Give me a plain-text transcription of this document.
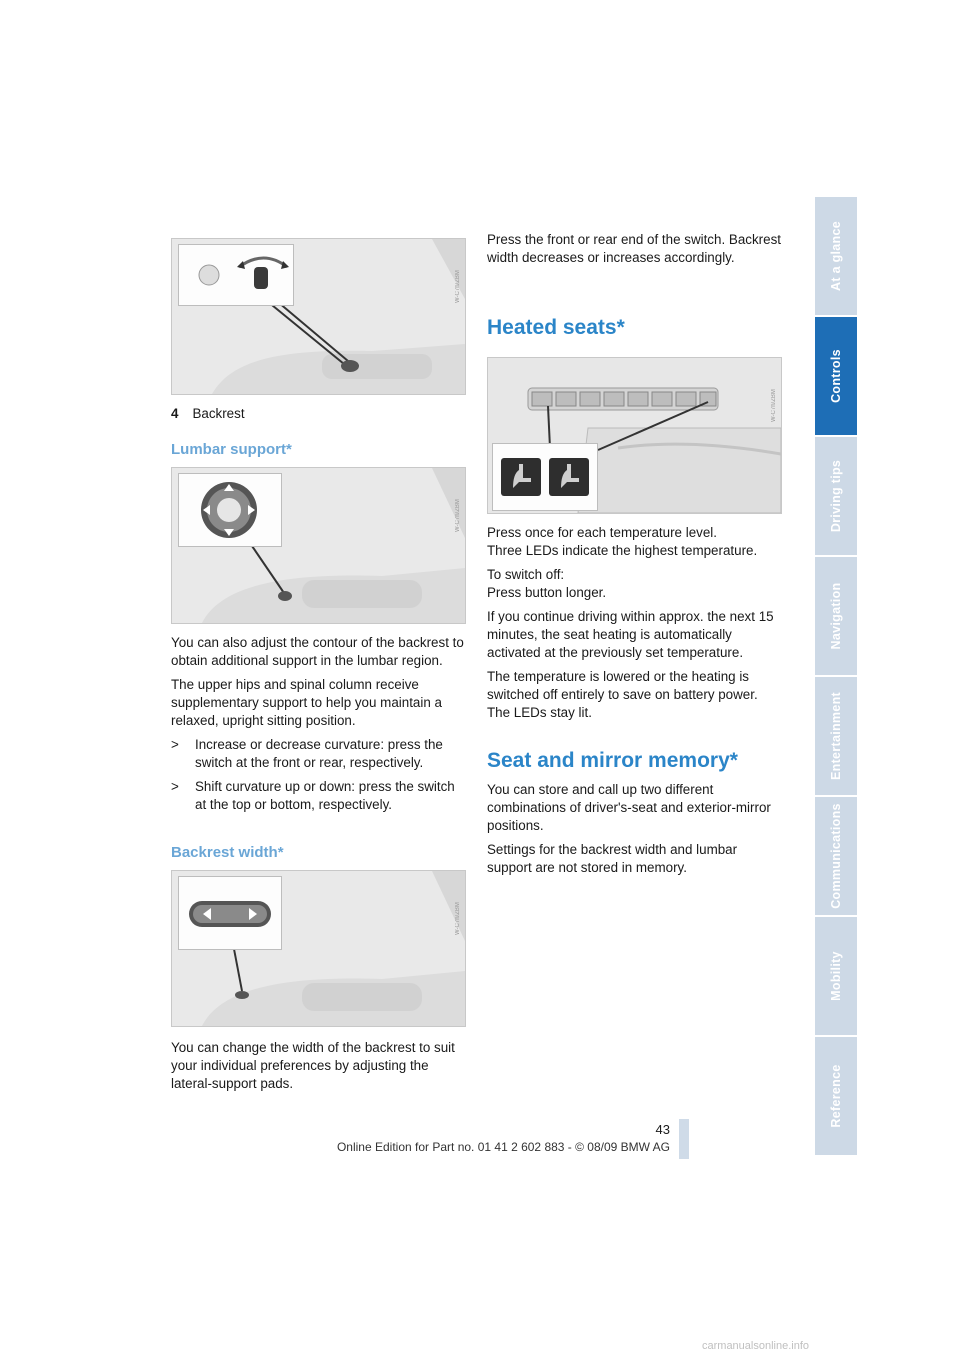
W-C7h/ZBM
4 Backrest
Lumbar support*
W-C7h/ZBM

You can also adjust the contour of the backrest to obtain additional support in the lumbar region.

The upper hips and spinal column receive supplementary support to help you maintain a relaxed, upright sitting position.

> Increase or decrease curvature: press the switch at the front or rear, respectively.
> Shift curvature up or down: press the switch at the top or bottom, respectively.
Backrest width*
W-C7h/ZBM

You can change the width of the backrest to suit your individual preferences by adjusting the lateral-support pads.

Press the front or rear end of the switch. Backrest width decreases or increases accordingly.

Heated seats*
W-C7h/ZBM

Press once for each temperature level.
Three LEDs indicate the highest temperature.

To switch off:
Press button longer.

If you continue driving within approx. the next 15 minutes, the seat heating is automatically activated at the previously set temperature.

The temperature is lowered or the heating is switched off entirely to save on battery power. The LEDs stay lit.

Seat and mirror memory*

You can store and call up two different combinations of driver's-seat and exterior-mirror positions.

Settings for the backrest width and lumbar support are not stored in memory.

At a glance
Controls
Driving tips
Navigation
Entertainment
Communications
Mobility
Reference
43
Online Edition for Part no. 01 41 2 602 883 - © 08/09 BMW AG
carmanualsonline.info
